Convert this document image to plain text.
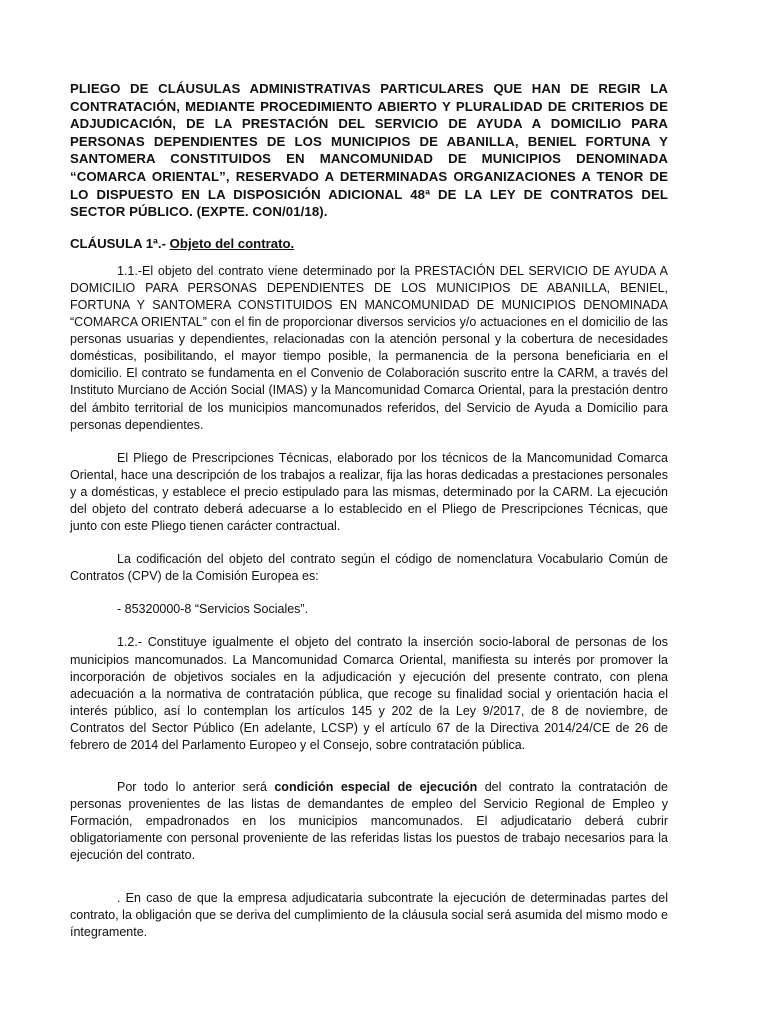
PLIEGO DE CLÁUSULAS ADMINISTRATIVAS PARTICULARES QUE HAN DE REGIR LA CONTRATACIÓN, MEDIANTE PROCEDIMIENTO ABIERTO Y PLURALIDAD DE CRITERIOS DE ADJUDICACIÓN, DE LA PRESTACIÓN DEL SERVICIO DE AYUDA A DOMICILIO PARA PERSONAS DEPENDIENTES DE LOS MUNICIPIOS DE ABANILLA, BENIEL FORTUNA Y SANTOMERA CONSTITUIDOS EN MANCOMUNIDAD DE MUNICIPIOS DENOMINADA “COMARCA ORIENTAL”, RESERVADO A DETERMINADAS ORGANIZACIONES A TENOR DE LO DISPUESTO EN LA DISPOSICIÓN ADICIONAL 48ª DE LA LEY DE CONTRATOS DEL SECTOR PÚBLICO. (EXPTE. CON/01/18).
CLÁUSULA 1ª.- Objeto del contrato.

1.1.-El objeto del contrato viene determinado por la PRESTACIÓN DEL SERVICIO DE AYUDA A DOMICILIO PARA PERSONAS DEPENDIENTES DE LOS MUNICIPIOS DE ABANILLA, BENIEL, FORTUNA Y SANTOMERA CONSTITUIDOS EN MANCOMUNIDAD DE MUNICIPIOS DENOMINADA “COMARCA ORIENTAL” con el fin de proporcionar diversos servicios y/o actuaciones en el domicilio de las personas usuarias y dependientes, relacionadas con la atención personal y la cobertura de necesidades domésticas, posibilitando, el mayor tiempo posible, la permanencia de la persona beneficiaria en el domicilio. El contrato se fundamenta en el Convenio de Colaboración suscrito entre la CARM, a través del Instituto Murciano de Acción Social (IMAS) y la Mancomunidad Comarca Oriental, para la prestación dentro del ámbito territorial de los municipios mancomunados referidos, del Servicio de Ayuda a Domicilio para personas dependientes.

El Pliego de Prescripciones Técnicas, elaborado por los técnicos de la Mancomunidad Comarca Oriental, hace una descripción de los trabajos a realizar, fija las horas dedicadas a prestaciones personales y a domésticas, y establece el precio estipulado para las mismas, determinado por la CARM. La ejecución del objeto del contrato deberá adecuarse a lo establecido en el Pliego de Prescripciones Técnicas, que junto con este Pliego tienen carácter contractual.

La codificación del objeto del contrato según el código de nomenclatura Vocabulario Común de Contratos (CPV) de la Comisión Europea es:

- 85320000-8 “Servicios Sociales”.

1.2.- Constituye igualmente el objeto del contrato la inserción socio-laboral de personas de los municipios mancomunados. La Mancomunidad Comarca Oriental, manifiesta su interés por promover la incorporación de objetivos sociales en la adjudicación y ejecución del presente contrato, con plena adecuación a la normativa de contratación pública, que recoge su finalidad social y orientación hacia el interés público, así lo contemplan los artículos 145 y 202 de la Ley 9/2017, de 8 de noviembre, de Contratos del Sector Público (En adelante, LCSP) y el artículo 67 de la Directiva 2014/24/CE de 26 de febrero de 2014 del Parlamento Europeo y el Consejo, sobre contratación pública.

Por todo lo anterior será condición especial de ejecución del contrato la contratación de personas provenientes de las listas de demandantes de empleo del Servicio Regional de Empleo y Formación, empadronados en los municipios mancomunados. El adjudicatario deberá cubrir obligatoriamente con personal proveniente de las referidas listas los puestos de trabajo necesarios para la ejecución del contrato.

. En caso de que la empresa adjudicataria subcontrate la ejecución de determinadas partes del contrato, la obligación que se deriva del cumplimiento de la cláusula social será asumida del mismo modo e íntegramente.
